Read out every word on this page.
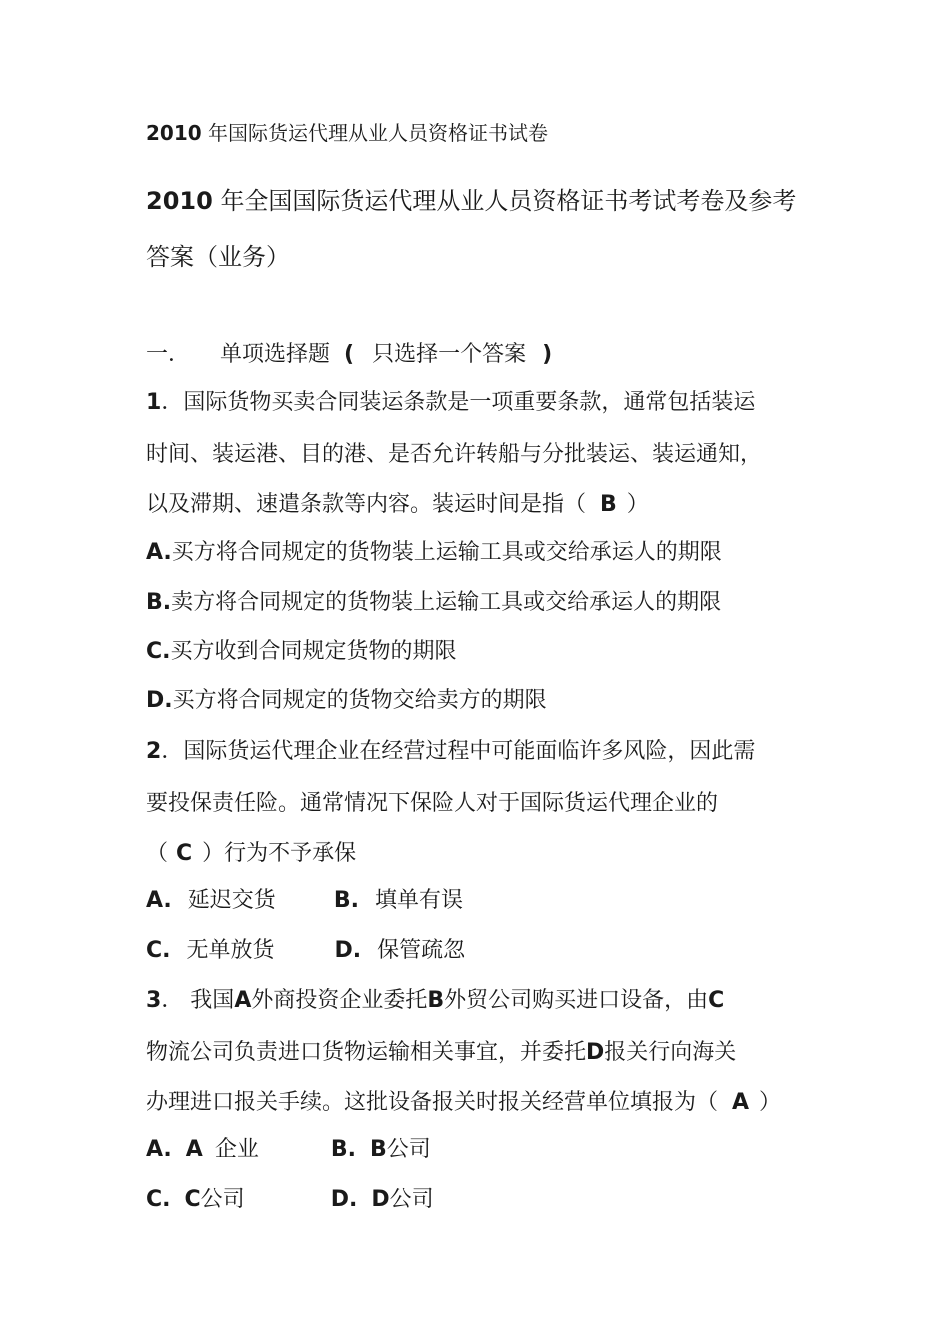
2010 年国际货运代理从业人员资格证书试卷
2010 年全国国际货运代理从业人员资格证书考试考卷及参考
答案（业务）
一． 单项选择题 ( 只选择一个答案 )
1．国际货物买卖合同装运条款是一项重要条款，通常包括装运
时间、装运港、目的港、是否允许转船与分批装运、装运通知，
以及滞期、速遣条款等内容。装运时间是指（ B ）
A.买方将合同规定的货物装上运输工具或交给承运人的期限
B.卖方将合同规定的货物装上运输工具或交给承运人的期限
C.买方收到合同规定货物的期限
D.买方将合同规定的货物交给卖方的期限
2．国际货运代理企业在经营过程中可能面临许多风险，因此需
要投保责任险。通常情况下保险人对于国际货运代理企业的
（ C ）行为不予承保
A. 延迟交货	B. 填单有误
C. 无单放货	D. 保管疏忽
3． 我国A外商投资企业委托B外贸公司购买进口设备，由C
物流公司负责进口货物运输相关事宜，并委托D报关行向海关
办理进口报关手续。这批设备报关时报关经营单位填报为（ A ）
A. A 企业	B. B公司
C. C公司	D. D公司
